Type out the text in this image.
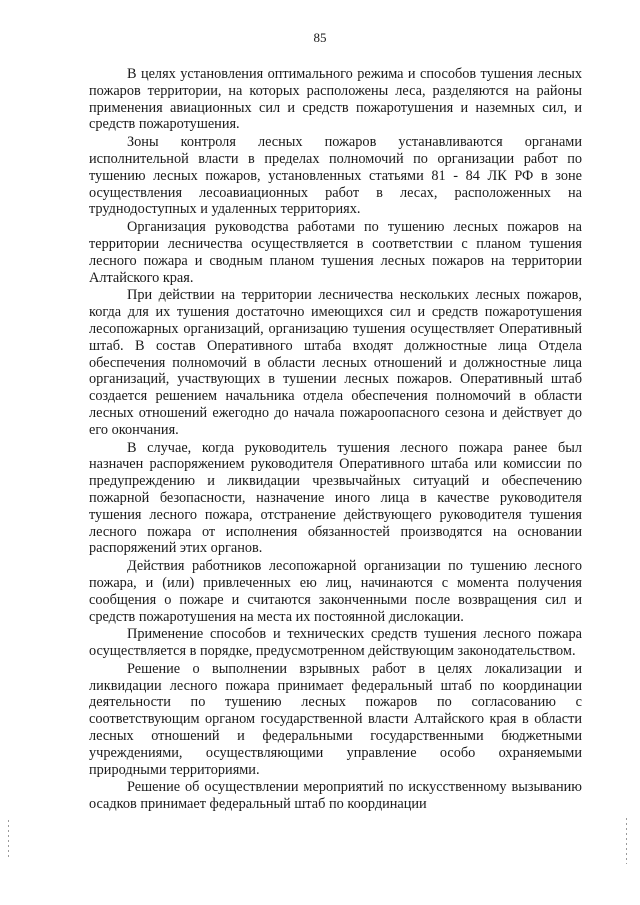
85

В целях установления оптимального режима и способов тушения лесных пожаров территории, на которых расположены леса, разделяются на районы применения авиационных сил и средств пожаротушения и наземных сил, и средств пожаротушения.

Зоны контроля лесных пожаров устанавливаются органами исполнительной власти в пределах полномочий по организации работ по тушению лесных пожаров, установленных статьями 81 - 84 ЛК РФ в зоне осуществления лесоавиационных работ в лесах, расположенных на труднодоступных и удаленных территориях.

Организация руководства работами по тушению лесных пожаров на территории лесничества осуществляется в соответствии с планом тушения лесного пожара и сводным планом тушения лесных пожаров на территории Алтайского края.

При действии на территории лесничества нескольких лесных пожаров, когда для их тушения достаточно имеющихся сил и средств пожаротушения лесопожарных организаций, организацию тушения осуществляет Оперативный штаб. В состав Оперативного штаба входят должностные лица Отдела обеспечения полномочий в области лесных отношений и должностные лица организаций, участвующих в тушении лесных пожаров. Оперативный штаб создается решением начальника отдела обеспечения полномочий в области лесных отношений ежегодно до начала пожароопасного сезона и действует до его окончания.

В случае, когда руководитель тушения лесного пожара ранее был назначен распоряжением руководителя Оперативного штаба или комиссии по предупреждению и ликвидации чрезвычайных ситуаций и обеспечению пожарной безопасности, назначение иного лица в качестве руководителя тушения лесного пожара, отстранение действующего руководителя тушения лесного пожара от исполнения обязанностей производятся на основании распоряжений этих органов.

Действия работников лесопожарной организации по тушению лесного пожара, и (или) привлеченных ею лиц, начинаются с момента получения сообщения о пожаре и считаются законченными после возвращения сил и средств пожаротушения на места их постоянной дислокации.

Применение способов и технических средств тушения лесного пожара осуществляется в порядке, предусмотренном действующим законодательством.

Решение о выполнении взрывных работ в целях локализации и ликвидации лесного пожара принимает федеральный штаб по координации деятельности по тушению лесных пожаров по согласованию с соответствующим органом государственной власти Алтайского края в области лесных отношений и федеральными государственными бюджетными учреждениями, осуществляющими управление особо охраняемыми природными территориями.

Решение об осуществлении мероприятий по искусственному вызыванию осадков принимает федеральный штаб по координации
